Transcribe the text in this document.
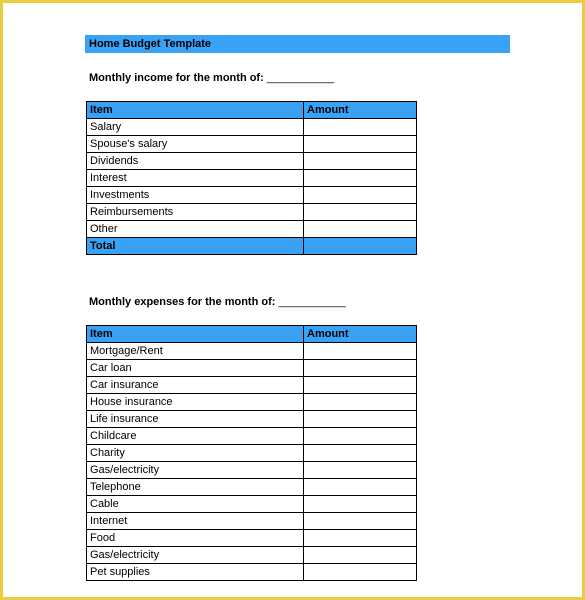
Home Budget Template
Monthly income for the month of: ___________
Item	Amount
Salary	
Spouse's salary	
Dividends	
Interest	
Investments	
Reimbursements	
Other	
Total	
Monthly expenses for the month of: ___________
Item	Amount
Mortgage/Rent	
Car loan	
Car insurance	
House insurance	
Life insurance	
Childcare	
Charity	
Gas/electricity	
Telephone	
Cable	
Internet	
Food	
Gas/electricity	
Pet supplies	
